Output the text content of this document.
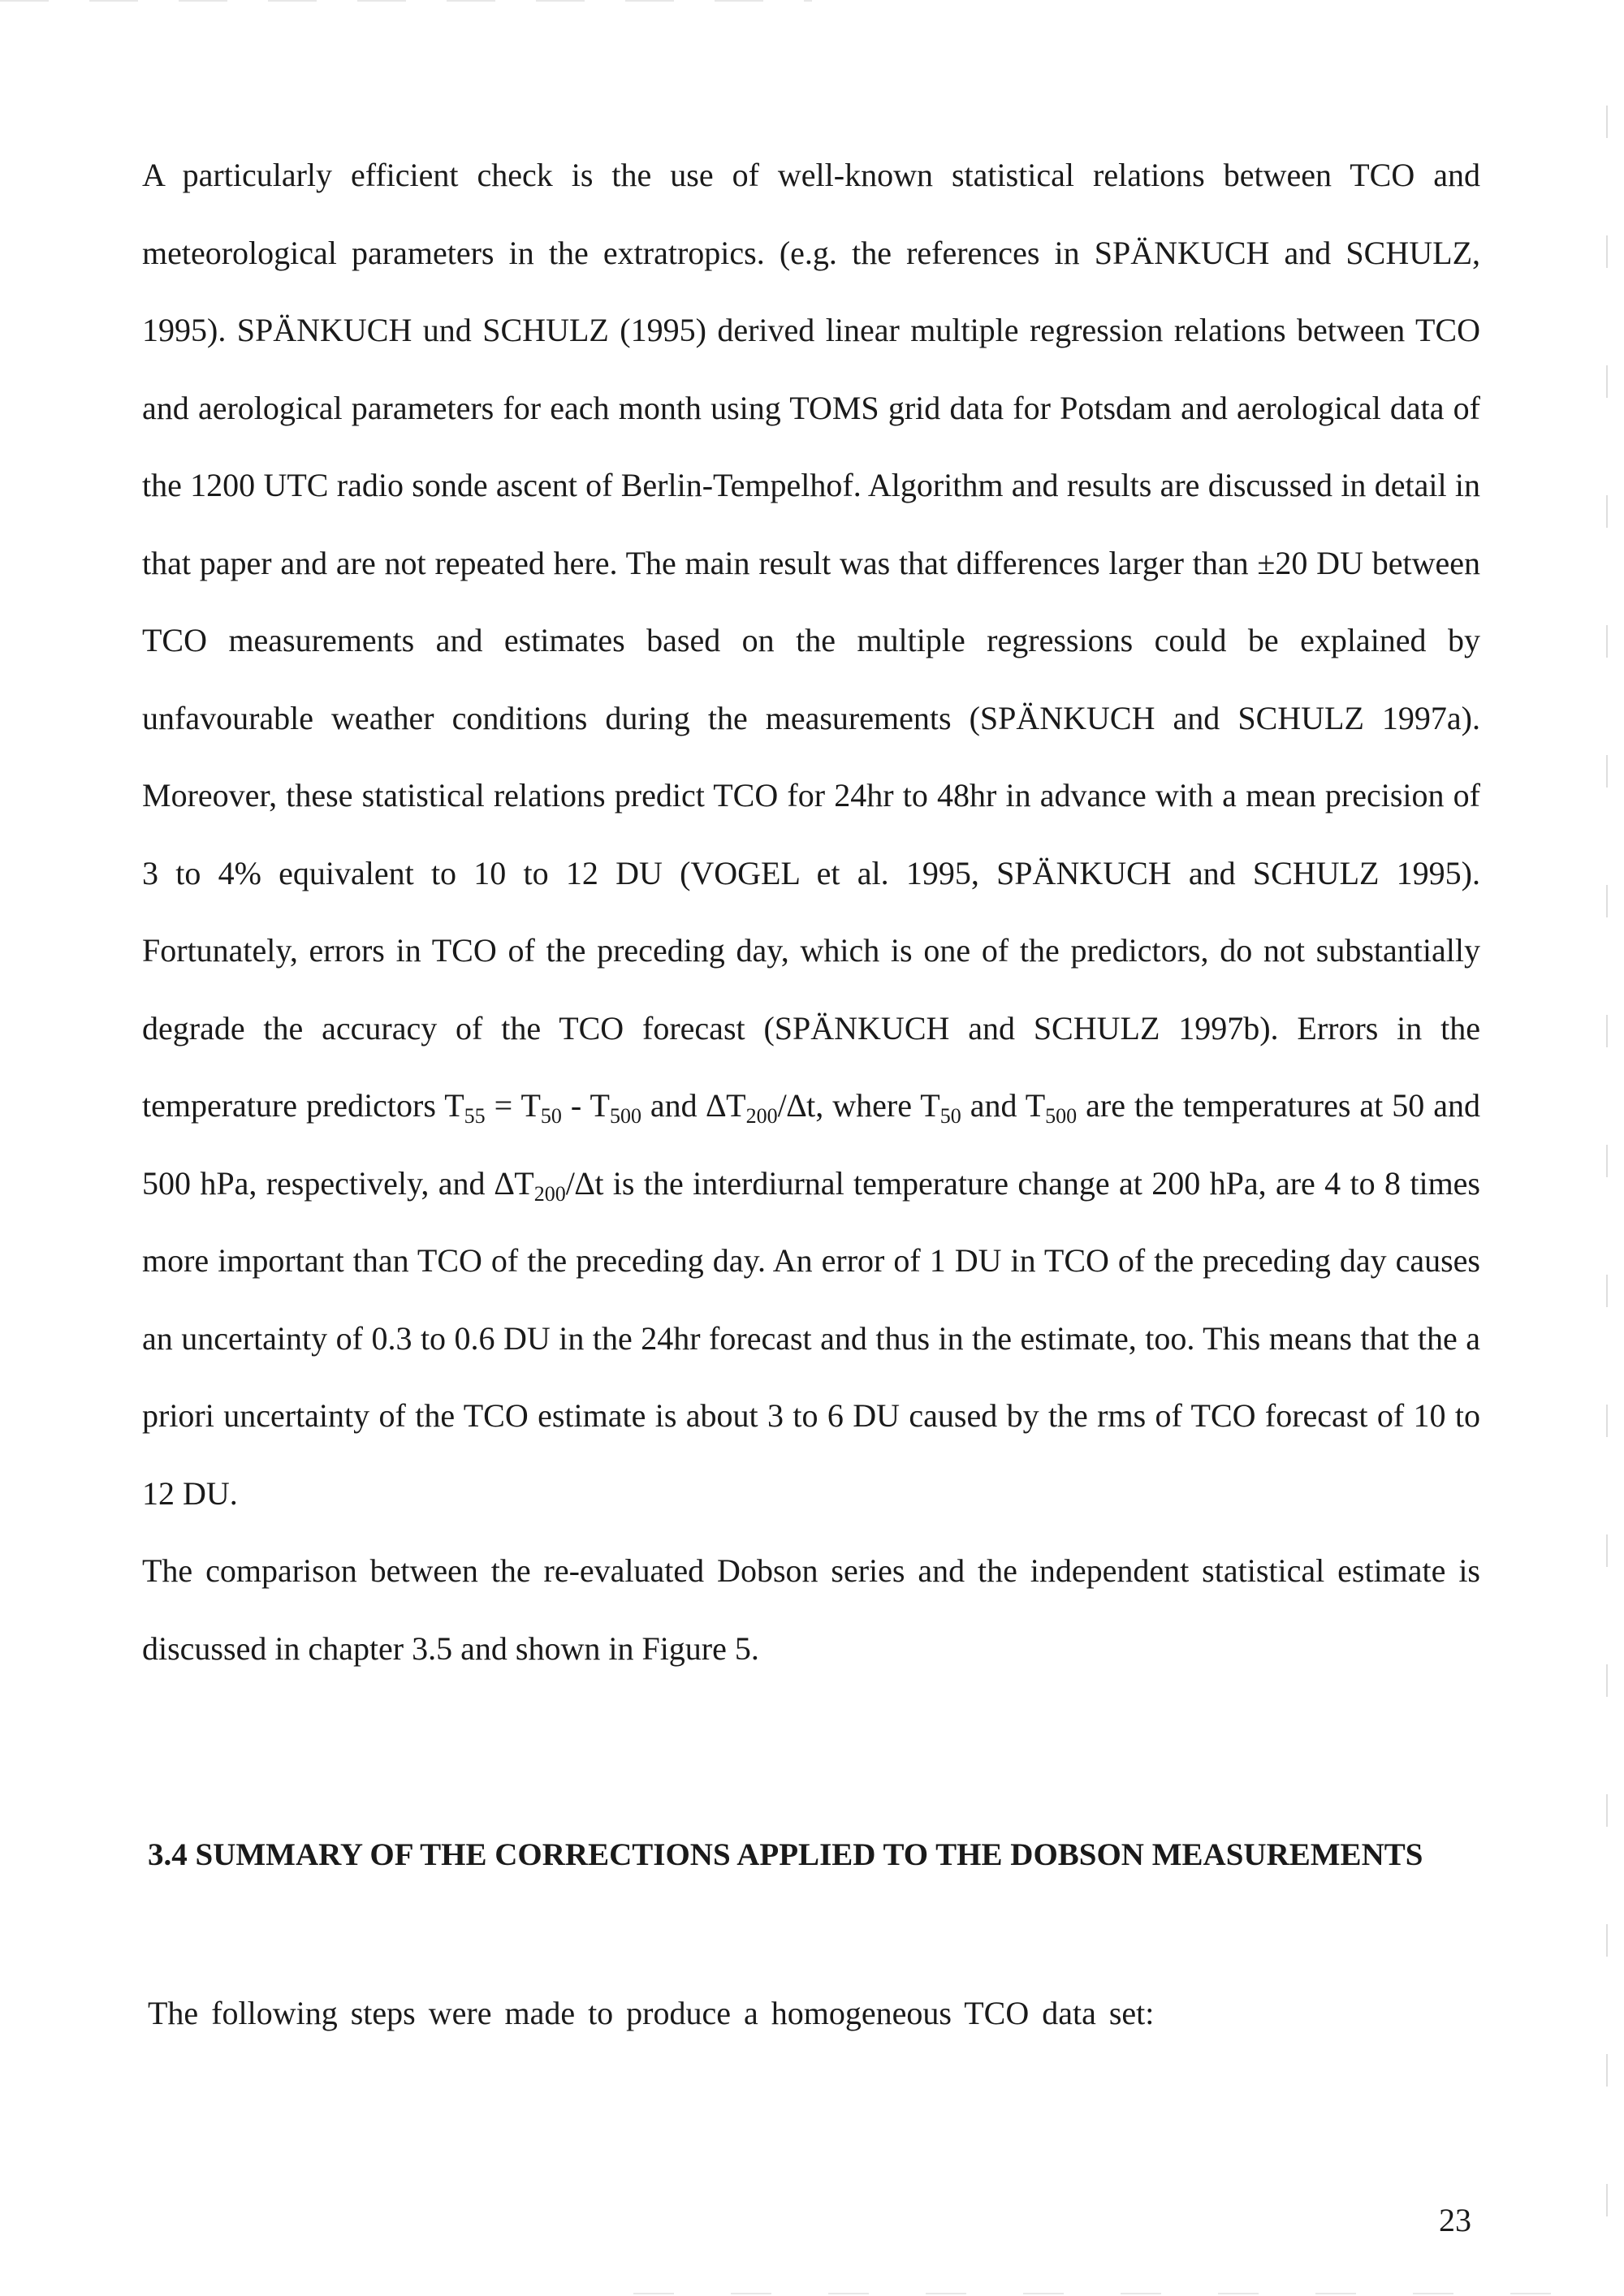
A particularly efficient check is the use of well-known statistical relations between TCO and meteorological parameters in the extratropics. (e.g. the references in SPÄNKUCH and SCHULZ, 1995). SPÄNKUCH und SCHULZ (1995) derived linear multiple regression relations between TCO and aerological parameters for each month using TOMS grid data for Potsdam and aerological data of the 1200 UTC radio sonde ascent of Berlin-Tempelhof. Algorithm and results are discussed in detail in that paper and are not repeated here. The main result was that differences larger than ±20 DU between TCO measurements and estimates based on the multiple regressions could be explained by unfavourable weather conditions during the measurements (SPÄNKUCH and SCHULZ 1997a). Moreover, these statistical relations predict TCO for 24hr to 48hr in advance with a mean precision of 3 to 4% equivalent to 10 to 12 DU (VOGEL et al. 1995, SPÄNKUCH and SCHULZ 1995). Fortunately, errors in TCO of the preceding day, which is one of the predictors, do not substantially degrade the accuracy of the TCO forecast (SPÄNKUCH and SCHULZ 1997b). Errors in the temperature predictors $T_{55} = T_{50} - T_{500}$ and $\Delta T_{200}/\Delta t$, where $T_{50}$ and $T_{500}$ are the temperatures at 50 and 500 hPa, respectively, and $\Delta T_{200}/\Delta t$ is the interdiurnal temperature change at 200 hPa, are 4 to 8 times more important than TCO of the preceding day. An error of 1 DU in TCO of the preceding day causes an uncertainty of 0.3 to 0.6 DU in the 24hr forecast and thus in the estimate, too. This means that the a priori uncertainty of the TCO estimate is about 3 to 6 DU caused by the rms of TCO forecast of 10 to 12 DU.

The comparison between the re-evaluated Dobson series and the independent statistical estimate is discussed in chapter 3.5 and shown in Figure 5.

3.4 SUMMARY OF THE CORRECTIONS APPLIED TO THE DOBSON MEASUREMENTS

The following steps were made to produce a homogeneous TCO data set:

23
